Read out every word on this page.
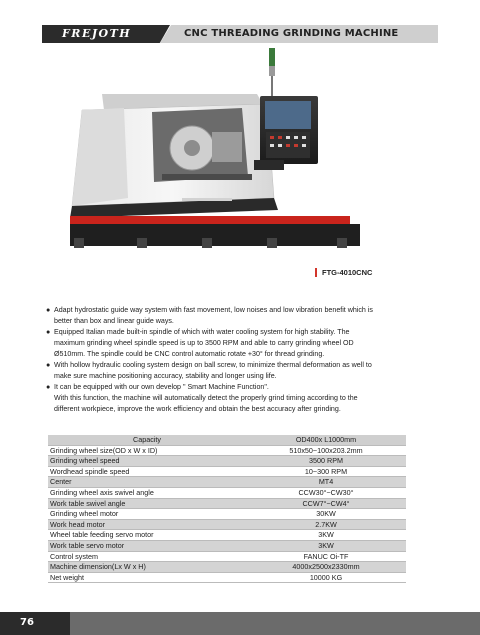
FREJOTH	CNC THREADING GRINDING MACHINE
FTG-4010CNC
● Adapt hydrostatic guide way system with fast movement, low noises and low vibration benefit which is
better than box and linear guide ways.
● Equipped Italian made built-in spindle of which with water cooling system for high stability. The
maximum grinding wheel spindle speed is up to 3500 RPM and able to carry grinding wheel OD
Ø510mm. The spindle could be CNC control automatic rotate +30° for thread grinding.
● With hollow hydraulic cooling system design on ball screw, to minimize thermal deformation as well to
make sure machine positioning accuracy, stability and longer using life.
● It can be equipped with our own develop " Smart Machine Function".
With this function, the machine will automatically detect the properly grind timing according to the
different workpiece, improve the work efficiency and obtain the best accuracy after grinding.
Capacity	OD400x L1000mm
Grinding wheel size(OD x W x ID)	510x50~100x203.2mm
Grinding wheel speed	3500 RPM
Wordhead spindle speed	10~300 RPM
Center	MT4
Grinding wheel axis swivel angle	CCW30°~CW30°
Work table swivel angle	CCW7°~CW4°
Grinding wheel motor	30KW
Work head motor	2.7KW
Wheel table feeding servo motor	3KW
Work table servo motor	3KW
Control system	FANUC Oi-TF
Machine dimension(Lx W x H)	4000x2500x2330mm
Net weight	10000 KG
76
